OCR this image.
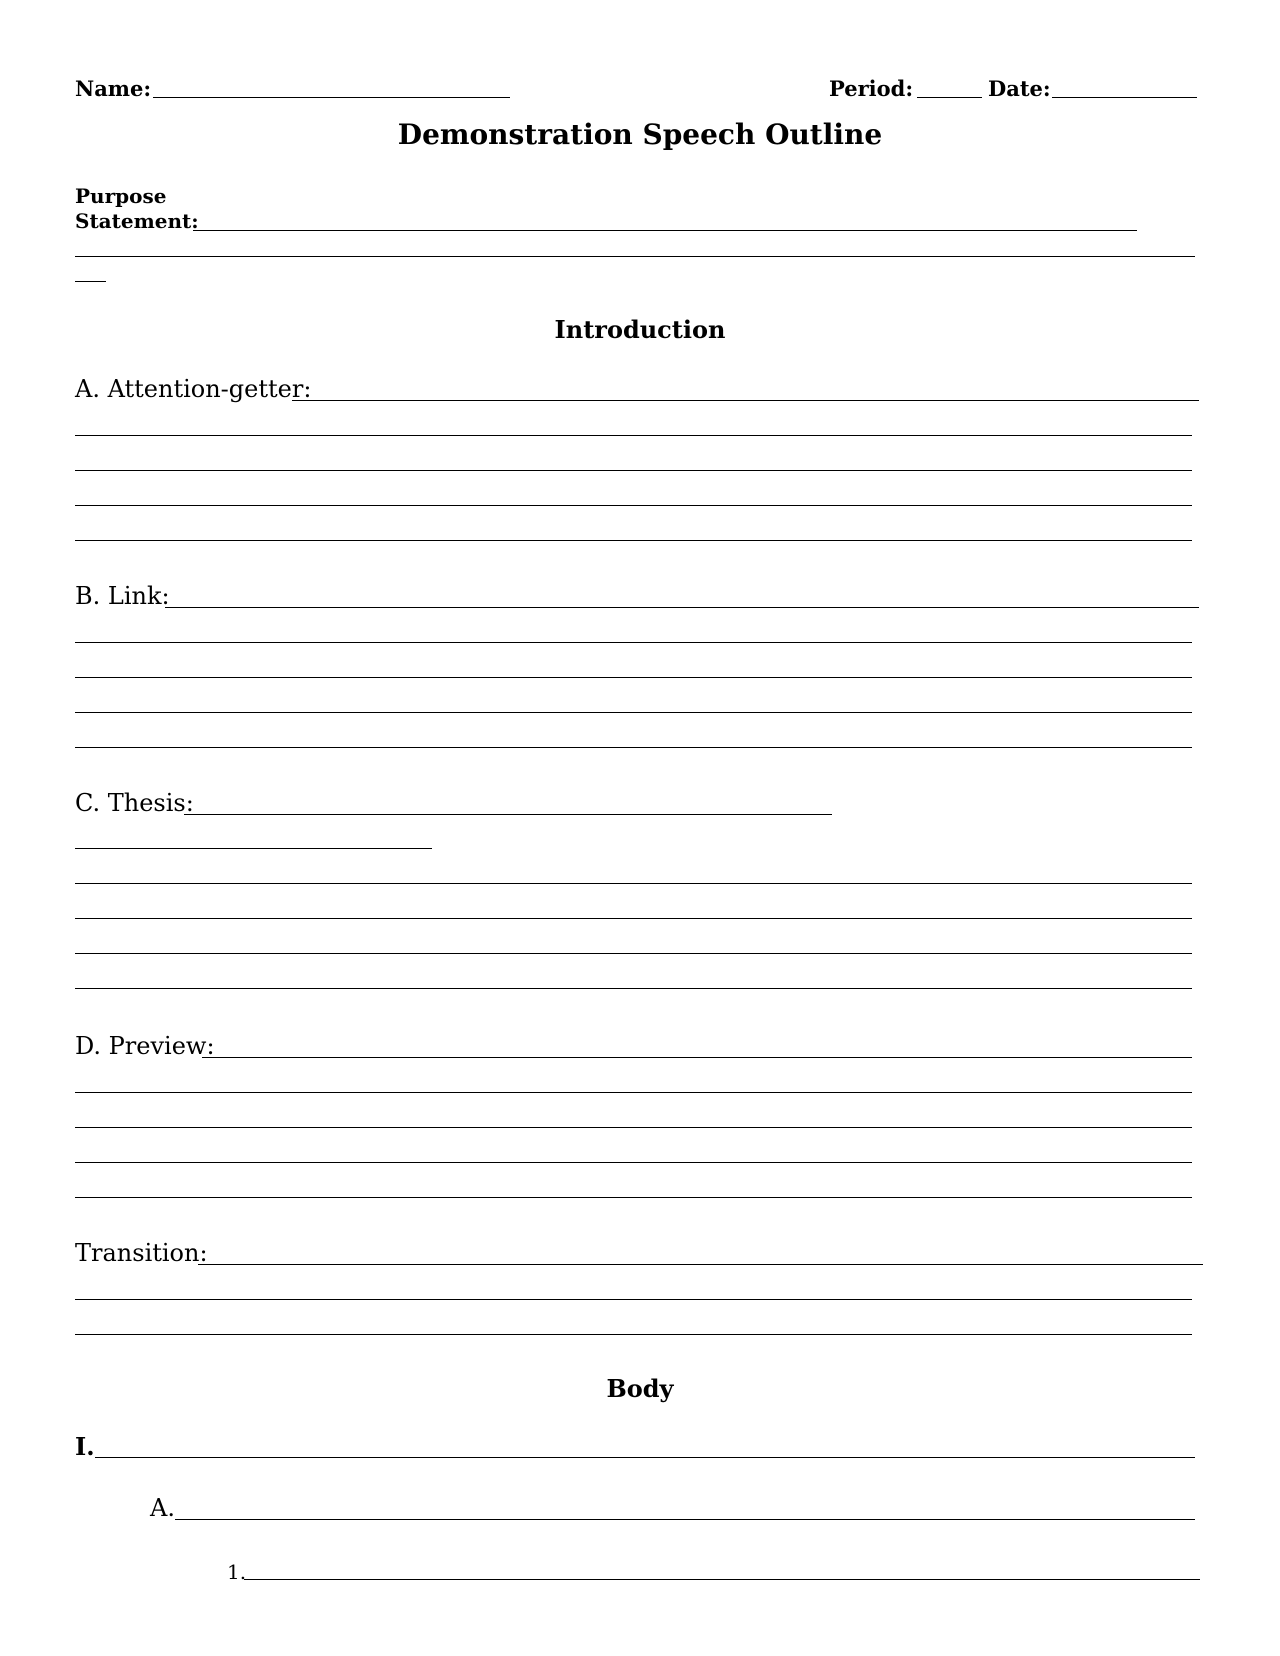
Name:	Period:	Date:
Demonstration Speech Outline
Purpose
Statement:
Introduction
A. Attention-getter:
B. Link:
C. Thesis:
D. Preview:
Transition:
Body
I.
A.
1.
